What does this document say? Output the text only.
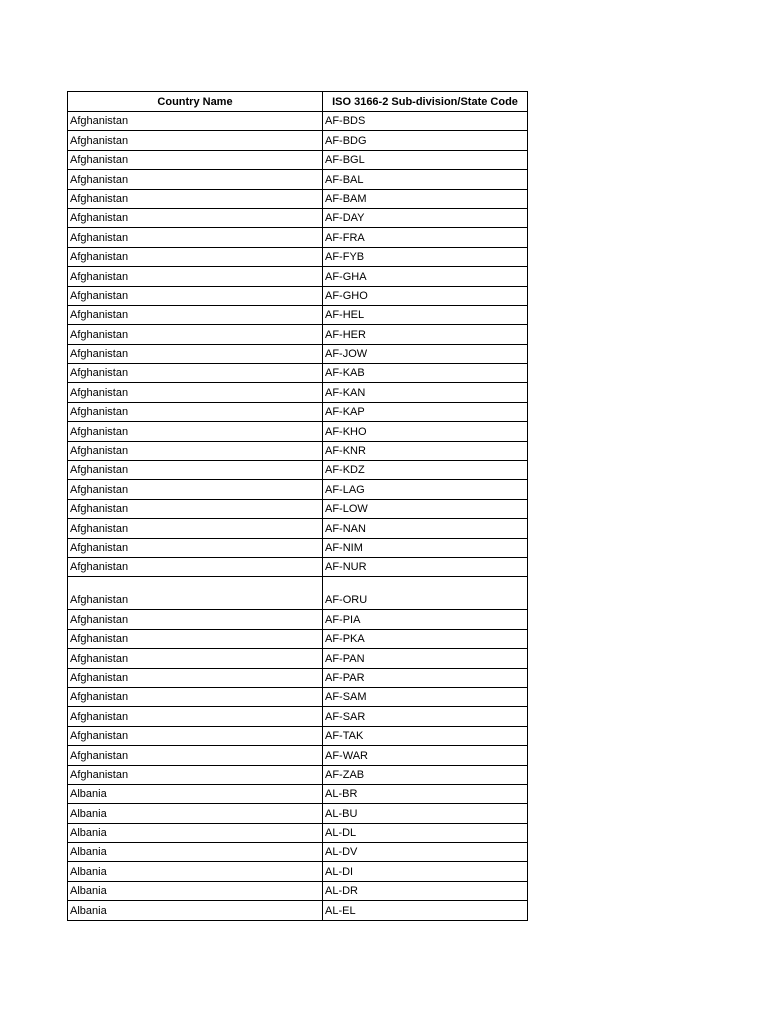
Country Name	ISO 3166-2 Sub-division/State Code
Afghanistan	AF-BDS
Afghanistan	AF-BDG
Afghanistan	AF-BGL
Afghanistan	AF-BAL
Afghanistan	AF-BAM
Afghanistan	AF-DAY
Afghanistan	AF-FRA
Afghanistan	AF-FYB
Afghanistan	AF-GHA
Afghanistan	AF-GHO
Afghanistan	AF-HEL
Afghanistan	AF-HER
Afghanistan	AF-JOW
Afghanistan	AF-KAB
Afghanistan	AF-KAN
Afghanistan	AF-KAP
Afghanistan	AF-KHO
Afghanistan	AF-KNR
Afghanistan	AF-KDZ
Afghanistan	AF-LAG
Afghanistan	AF-LOW
Afghanistan	AF-NAN
Afghanistan	AF-NIM
Afghanistan	AF-NUR
Afghanistan	AF-ORU
Afghanistan	AF-PIA
Afghanistan	AF-PKA
Afghanistan	AF-PAN
Afghanistan	AF-PAR
Afghanistan	AF-SAM
Afghanistan	AF-SAR
Afghanistan	AF-TAK
Afghanistan	AF-WAR
Afghanistan	AF-ZAB
Albania	AL-BR
Albania	AL-BU
Albania	AL-DL
Albania	AL-DV
Albania	AL-DI
Albania	AL-DR
Albania	AL-EL
